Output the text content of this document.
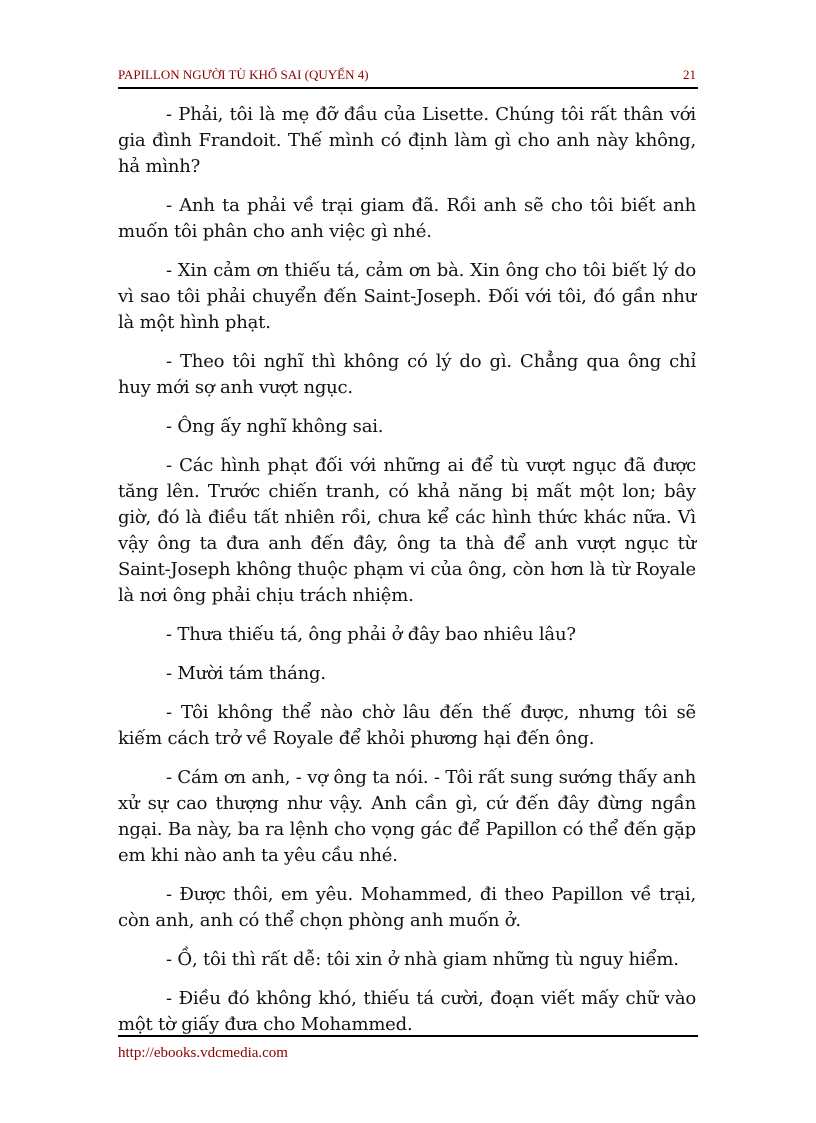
PAPILLON NGƯỜI TÙ KHỔ SAI (QUYỂN 4)	21

- Phải, tôi là mẹ đỡ đầu của Lisette. Chúng tôi rất thân với gia đình Frandoit. Thế mình có định làm gì cho anh này không, hả mình?

- Anh ta phải về trại giam đã. Rồi anh sẽ cho tôi biết anh muốn tôi phân cho anh việc gì nhé.

- Xin cảm ơn thiếu tá, cảm ơn bà. Xin ông cho tôi biết lý do vì sao tôi phải chuyển đến Saint-Joseph. Đối với tôi, đó gần như là một hình phạt.

- Theo tôi nghĩ thì không có lý do gì. Chẳng qua ông chỉ huy mới sợ anh vượt ngục.

- Ông ấy nghĩ không sai.

- Các hình phạt đối với những ai để tù vượt ngục đã được tăng lên. Trước chiến tranh, có khả năng bị mất một lon; bây giờ, đó là điều tất nhiên rồi, chưa kể các hình thức khác nữa. Vì vậy ông ta đưa anh đến đây, ông ta thà để anh vượt ngục từ Saint-Joseph không thuộc phạm vi của ông, còn hơn là từ Royale là nơi ông phải chịu trách nhiệm.

- Thưa thiếu tá, ông phải ở đây bao nhiêu lâu?

- Mười tám tháng.

- Tôi không thể nào chờ lâu đến thế được, nhưng tôi sẽ kiếm cách trở về Royale để khỏi phương hại đến ông.

- Cám ơn anh, - vợ ông ta nói. - Tôi rất sung sướng thấy anh xử sự cao thượng như vậy. Anh cần gì, cứ đến đây đừng ngần ngại. Ba này, ba ra lệnh cho vọng gác để Papillon có thể đến gặp em khi nào anh ta yêu cầu nhé.

- Được thôi, em yêu. Mohammed, đi theo Papillon về trại, còn anh, anh có thể chọn phòng anh muốn ở.

- Ồ, tôi thì rất dễ: tôi xin ở nhà giam những tù nguy hiểm.

- Điều đó không khó, thiếu tá cười, đoạn viết mấy chữ vào một tờ giấy đưa cho Mohammed.

http://ebooks.vdcmedia.com
